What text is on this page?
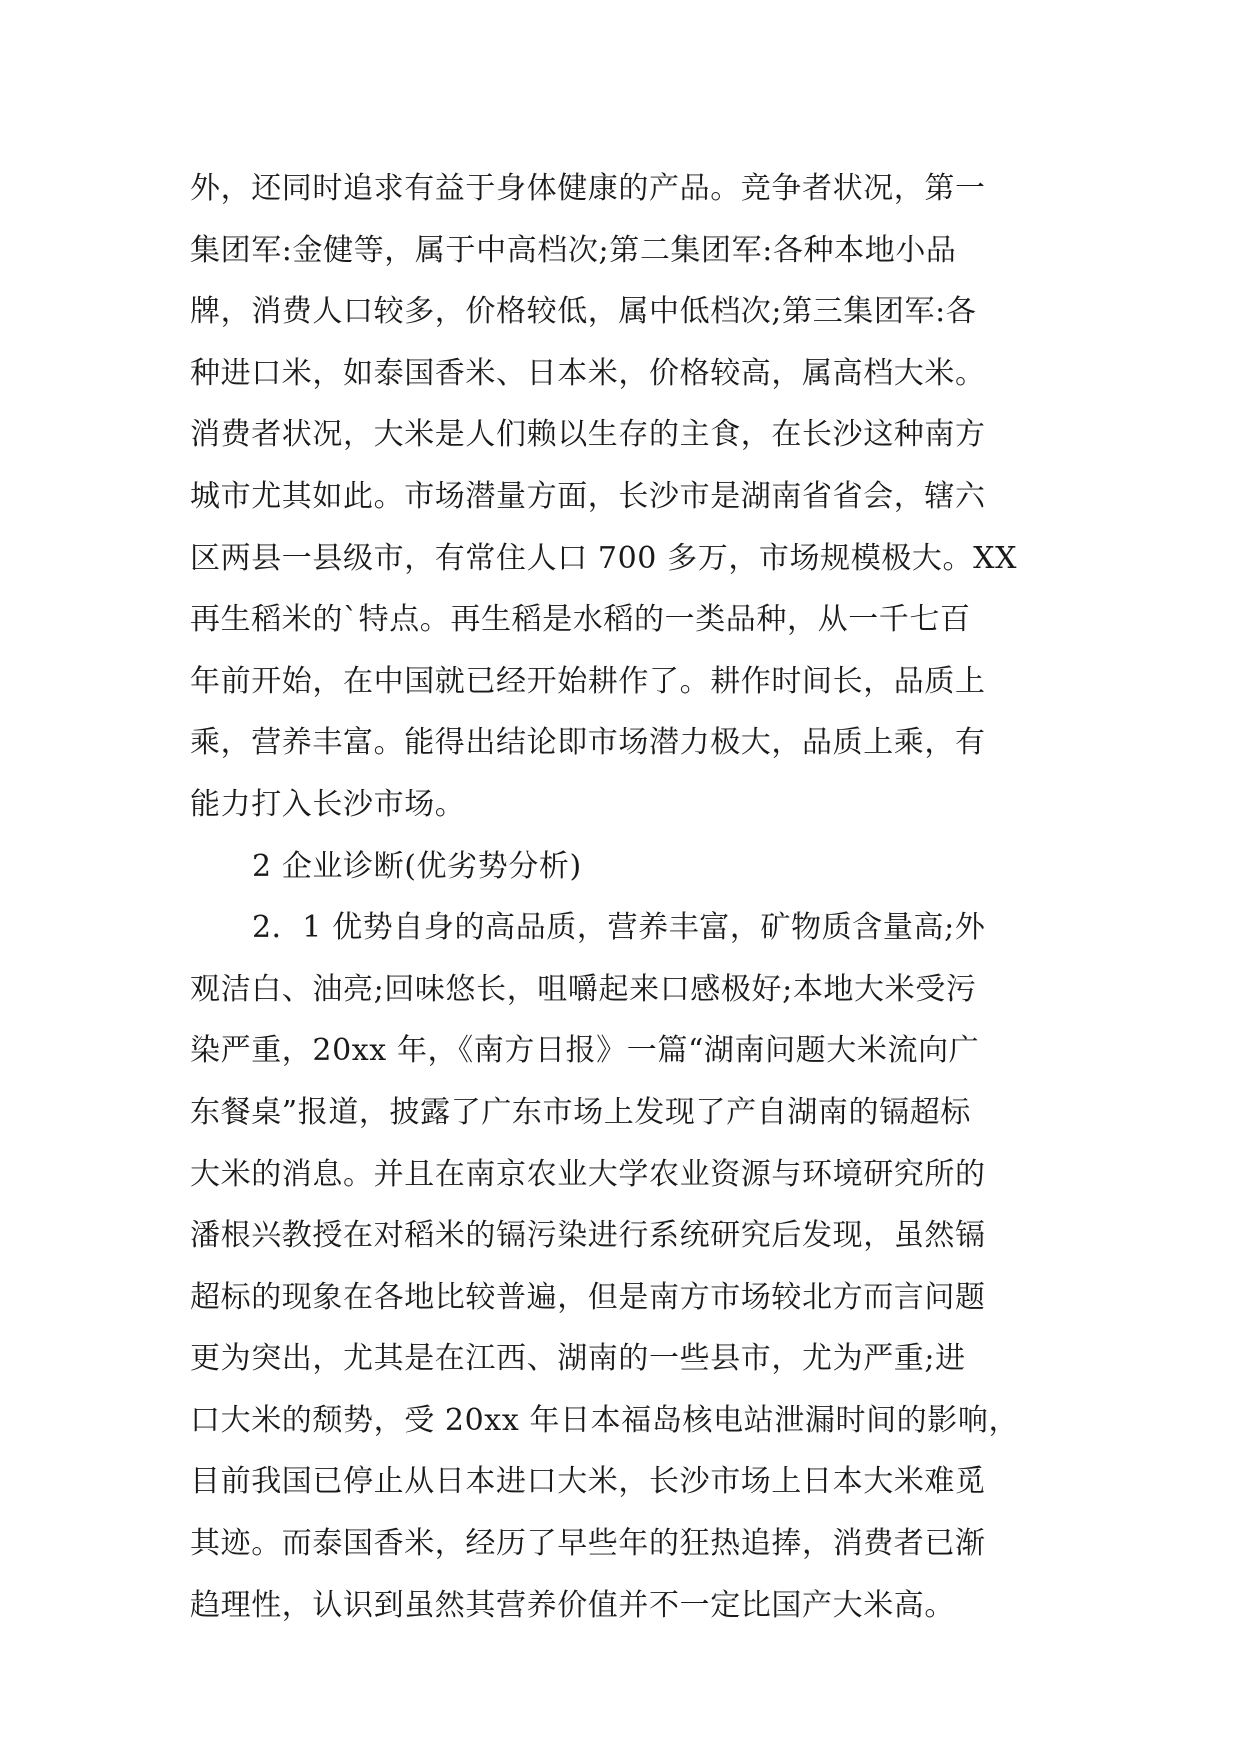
外，还同时追求有益于身体健康的产品。竞争者状况，第一
集团军:金健等，属于中高档次;第二集团军:各种本地小品
牌，消费人口较多，价格较低，属中低档次;第三集团军:各
种进口米，如泰国香米、日本米，价格较高，属高档大米。
消费者状况，大米是人们赖以生存的主食，在长沙这种南方
城市尤其如此。市场潜量方面，长沙市是湖南省省会，辖六
区两县一县级市，有常住人口 700 多万，市场规模极大。XX
再生稻米的`特点。再生稻是水稻的一类品种，从一千七百
年前开始，在中国就已经开始耕作了。耕作时间长，品质上
乘，营养丰富。能得出结论即市场潜力极大，品质上乘，有
能力打入长沙市场。
2 企业诊断(优劣势分析)
2．1 优势自身的高品质，营养丰富，矿物质含量高;外
观洁白、油亮;回味悠长，咀嚼起来口感极好;本地大米受污
染严重，20xx 年，《南方日报》一篇“湖南问题大米流向广
东餐桌”报道，披露了广东市场上发现了产自湖南的镉超标
大米的消息。并且在南京农业大学农业资源与环境研究所的
潘根兴教授在对稻米的镉污染进行系统研究后发现，虽然镉
超标的现象在各地比较普遍，但是南方市场较北方而言问题
更为突出，尤其是在江西、湖南的一些县市，尤为严重;进
口大米的颓势，受 20xx 年日本福岛核电站泄漏时间的影响，
目前我国已停止从日本进口大米，长沙市场上日本大米难觅
其迹。而泰国香米，经历了早些年的狂热追捧，消费者已渐
趋理性，认识到虽然其营养价值并不一定比国产大米高。
